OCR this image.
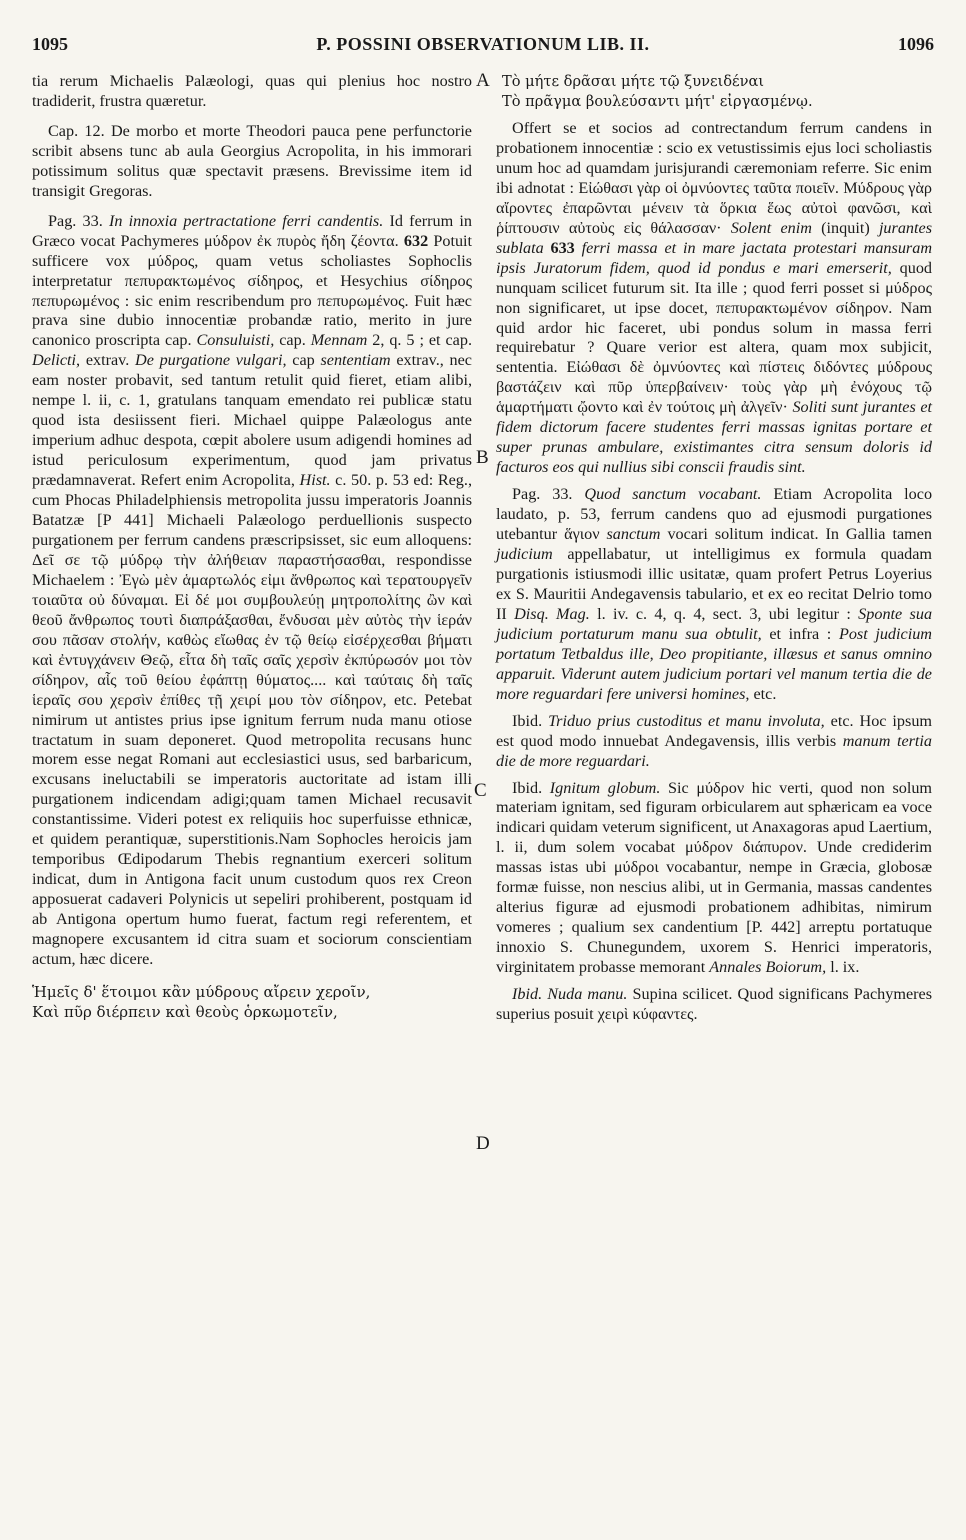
1095	P. POSSINI OBSERVATIONUM LIB. II.	1096
A
B
C
D

tia rerum Michaelis Palæologi, quas qui plenius hoc nostro tradiderit, frustra quæretur.

Cap. 12. De morbo et morte Theodori pauca pene perfunctorie scribit absens tunc ab aula Georgius Acropolita, in his immorari potissimum solitus quæ spectavit præsens. Brevissime item id transigit Gregoras.

Pag. 33. In innoxia pertractatione ferri candentis. Id ferrum in Græco vocat Pachymeres μύδρον ἐκ πυρὸς ἤδη ζέοντα. 632 Potuit sufficere vox μύδρος, quam vetus scholiastes Sophoclis interpretatur πεπυρακτωμένος σίδηρος, et Hesychius σίδηρος πεπυρωμένος : sic enim rescribendum pro πεπυρωμένος. Fuit hæc prava sine dubio innocentiæ probandæ ratio, merito in jure canonico proscripta cap. Consuluisti, cap. Mennam 2, q. 5 ; et cap. Delicti, extrav. De purgatione vulgari, cap sententiam extrav., nec eam noster probavit, sed tantum retulit quid fieret, etiam alibi, nempe l. ii, c. 1, gratulans tanquam emendato rei publicæ statu quod ista desiissent fieri. Michael quippe Palæologus ante imperium adhuc despota, cœpit abolere usum adigendi homines ad istud periculosum experimentum, quod jam privatus prædamnaverat. Refert enim Acropolita, Hist. c. 50. p. 53 ed: Reg., cum Phocas Philadelphiensis metropolita jussu imperatoris Joannis Batatzæ [P 441] Michaeli Palæologo perduellionis suspecto purgationem per ferrum candens præscripsisset, sic eum alloquens: Δεῖ σε τῷ μύδρῳ τὴν ἀλήθειαν παραστήσασθαι, respondisse Michaelem : Ἐγὼ μὲν ἁμαρτωλός εἰμι ἄνθρωπος καὶ τερατουργεῖν τοιαῦτα οὐ δύναμαι. Εἰ δέ μοι συμβουλεύῃ μητροπολίτης ὢν καὶ θεοῦ ἄνθρωπος τουτὶ διαπράξασθαι, ἔνδυσαι μὲν αὐτὸς τὴν ἱεράν σου πᾶσαν στολήν, καθὼς εἴωθας ἐν τῷ θείῳ εἰσέρχεσθαι βήματι καὶ ἐντυγχάνειν Θεῷ, εἶτα δὴ ταῖς σαῖς χερσὶν ἐκπύρωσόν μοι τὸν σίδηρον, αἷς τοῦ θείου ἐφάπτῃ θύματος.... καὶ ταύταις δὴ ταῖς ἱεραῖς σου χερσὶν ἐπίθες τῇ χειρί μου τὸν σίδηρον, etc. Petebat nimirum ut antistes prius ipse ignitum ferrum nuda manu otiose tractatum in suam deponeret. Quod metropolita recusans hunc morem esse negat Romani aut ecclesiastici usus, sed barbaricum, excusans ineluctabili se imperatoris auctoritate ad istam illi purgationem indicendam adigi;quam tamen Michael recusavit constantissime. Videri potest ex reliquiis hoc superfuisse ethnicæ, et quidem perantiquæ, superstitionis.Nam Sophocles heroicis jam temporibus Œdipodarum Thebis regnantium exerceri solitum indicat, dum in Antigona facit unum custodum quos rex Creon apposuerat cadaveri Polynicis ut sepeliri prohiberent, postquam id ab Antigona opertum humo fuerat, factum regi referentem, et magnopere excusantem id citra suam et sociorum conscientiam actum, hæc dicere.

Ἡμεῖς δ' ἕτοιμοι κἂν μύδρους αἴρειν χεροῖν,
Καὶ πῦρ διέρπειν καὶ θεοὺς ὁρκωμοτεῖν,
Τὸ μήτε δρᾶσαι μήτε τῷ ξυνειδέναι
Τὸ πρᾶγμα βουλεύσαντι μήτ' εἰργασμένῳ.

Offert se et socios ad contrectandum ferrum candens in probationem innocentiæ : scio ex vetustissimis ejus loci scholiastis unum hoc ad quamdam jurisjurandi cæremoniam referre. Sic enim ibi adnotat : Εἰώθασι γὰρ οἱ ὀμνύοντες ταῦτα ποιεῖν. Μύδρους γὰρ αἴροντες ἐπαρῶνται μένειν τὰ ὅρκια ἕως αὐτοὶ φανῶσι, καὶ ῥίπτουσιν αὐτοὺς εἰς θάλασσαν· Solent enim (inquit) jurantes sublata 633 ferri massa et in mare jactata protestari mansuram ipsis Juratorum fidem, quod id pondus e mari emerserit, quod nunquam scilicet futurum sit. Ita ille ; quod ferri posset si μύδρος non significaret, ut ipse docet, πεπυρακτωμένον σίδηρον. Nam quid ardor hic faceret, ubi pondus solum in massa ferri requirebatur ? Quare verior est altera, quam mox subjicit, sententia. Εἰώθασι δὲ ὀμνύοντες καὶ πίστεις διδόντες μύδρους βαστάζειν καὶ πῦρ ὑπερβαίνειν· τοὺς γὰρ μὴ ἐνόχους τῷ ἁμαρτήματι ᾤοντο καὶ ἐν τούτοις μὴ ἀλγεῖν· Soliti sunt jurantes et fidem dictorum facere studentes ferri massas ignitas portare et super prunas ambulare, existimantes citra sensum doloris id facturos eos qui nullius sibi conscii fraudis sint.

Pag. 33. Quod sanctum vocabant. Etiam Acropolita loco laudato, p. 53, ferrum candens quo ad ejusmodi purgationes utebantur ἅγιον sanctum vocari solitum indicat. In Gallia tamen judicium appellabatur, ut intelligimus ex formula quadam purgationis istiusmodi illic usitatæ, quam profert Petrus Loyerius ex S. Mauritii Andegavensis tabulario, et ex eo recitat Delrio tomo II Disq. Mag. l. iv. c. 4, q. 4, sect. 3, ubi legitur : Sponte sua judicium portaturum manu sua obtulit, et infra : Post judicium portatum Tetbaldus ille, Deo propitiante, illæsus et sanus omnino apparuit. Viderunt autem judicium portari vel manum tertia die de more reguardari fere universi homines, etc.

Ibid. Triduo prius custoditus et manu involuta, etc. Hoc ipsum est quod modo innuebat Andegavensis, illis verbis manum tertia die de more reguardari.

Ibid. Ignitum globum. Sic μύδρον hic verti, quod non solum materiam ignitam, sed figuram orbicularem aut sphæricam ea voce indicari quidam veterum significent, ut Anaxagoras apud Laertium, l. ii, dum solem vocabat μύδρον διάπυρον. Unde crediderim massas istas ubi μύδροι vocabantur, nempe in Græcia, globosæ formæ fuisse, non nescius alibi, ut in Germania, massas candentes alterius figuræ ad ejusmodi probationem adhibitas, nimirum vomeres ; qualium sex candentium [P. 442] arreptu portatuque innoxio S. Chunegundem, uxorem S. Henrici imperatoris, virginitatem probasse memorant Annales Boiorum, l. ix.

Ibid. Nuda manu. Supina scilicet. Quod significans Pachymeres superius posuit χειρὶ κύφαντες.
